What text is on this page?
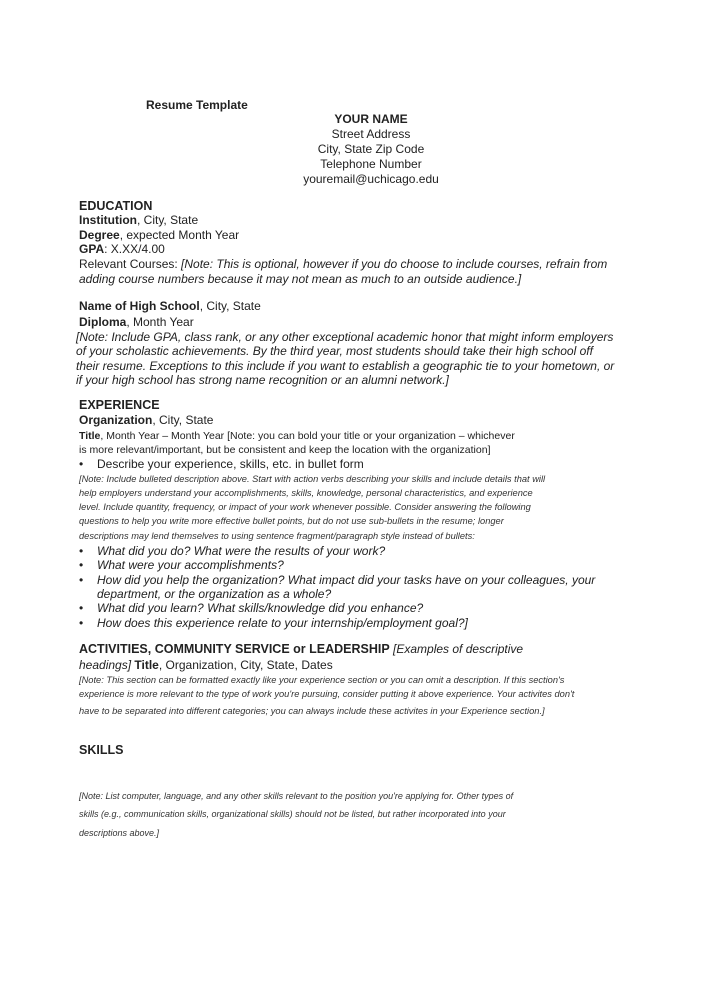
Resume Template
YOUR NAME
Street Address
City, State Zip Code
Telephone Number
youremail@uchicago.edu
EDUCATION
Institution, City, State
Degree, expected Month Year
GPA: X.XX/4.00
Relevant Courses: [Note: This is optional, however if you do choose to include courses, refrain from
adding course numbers because it may not mean as much to an outside audience.]
Name of High School, City, State
Diploma, Month Year
[Note: Include GPA, class rank, or any other exceptional academic honor that might inform employers
of your scholastic achievements. By the third year, most students should take their high school off
their resume. Exceptions to this include if you want to establish a geographic tie to your hometown, or
if your high school has strong name recognition or an alumni network.]
EXPERIENCE
Organization, City, State
Title, Month Year – Month Year [Note: you can bold your title or your organization – whichever
is more relevant/important, but be consistent and keep the location with the organization]
• Describe your experience, skills, etc. in bullet form
[Note: Include bulleted description above. Start with action verbs describing your skills and include details that will
help employers understand your accomplishments, skills, knowledge, personal characteristics, and experience
level. Include quantity, frequency, or impact of your work whenever possible. Consider answering the following
questions to help you write more effective bullet points, but do not use sub-bullets in the resume; longer
descriptions may lend themselves to using sentence fragment/paragraph style instead of bullets:
• What did you do? What were the results of your work?
• What were your accomplishments?
• How did you help the organization? What impact did your tasks have on your colleagues, your
department, or the organization as a whole?
• What did you learn? What skills/knowledge did you enhance?
• How does this experience relate to your internship/employment goal?]
ACTIVITIES, COMMUNITY SERVICE or LEADERSHIP [Examples of descriptive
headings] Title, Organization, City, State, Dates
[Note: This section can be formatted exactly like your experience section or you can omit a description. If this section's
experience is more relevant to the type of work you're pursuing, consider putting it above experience. Your activites don't
have to be separated into different categories; you can always include these activites in your Experience section.]
SKILLS
[Note: List computer, language, and any other skills relevant to the position you're applying for. Other types of
skills (e.g., communication skills, organizational skills) should not be listed, but rather incorporated into your
descriptions above.]
